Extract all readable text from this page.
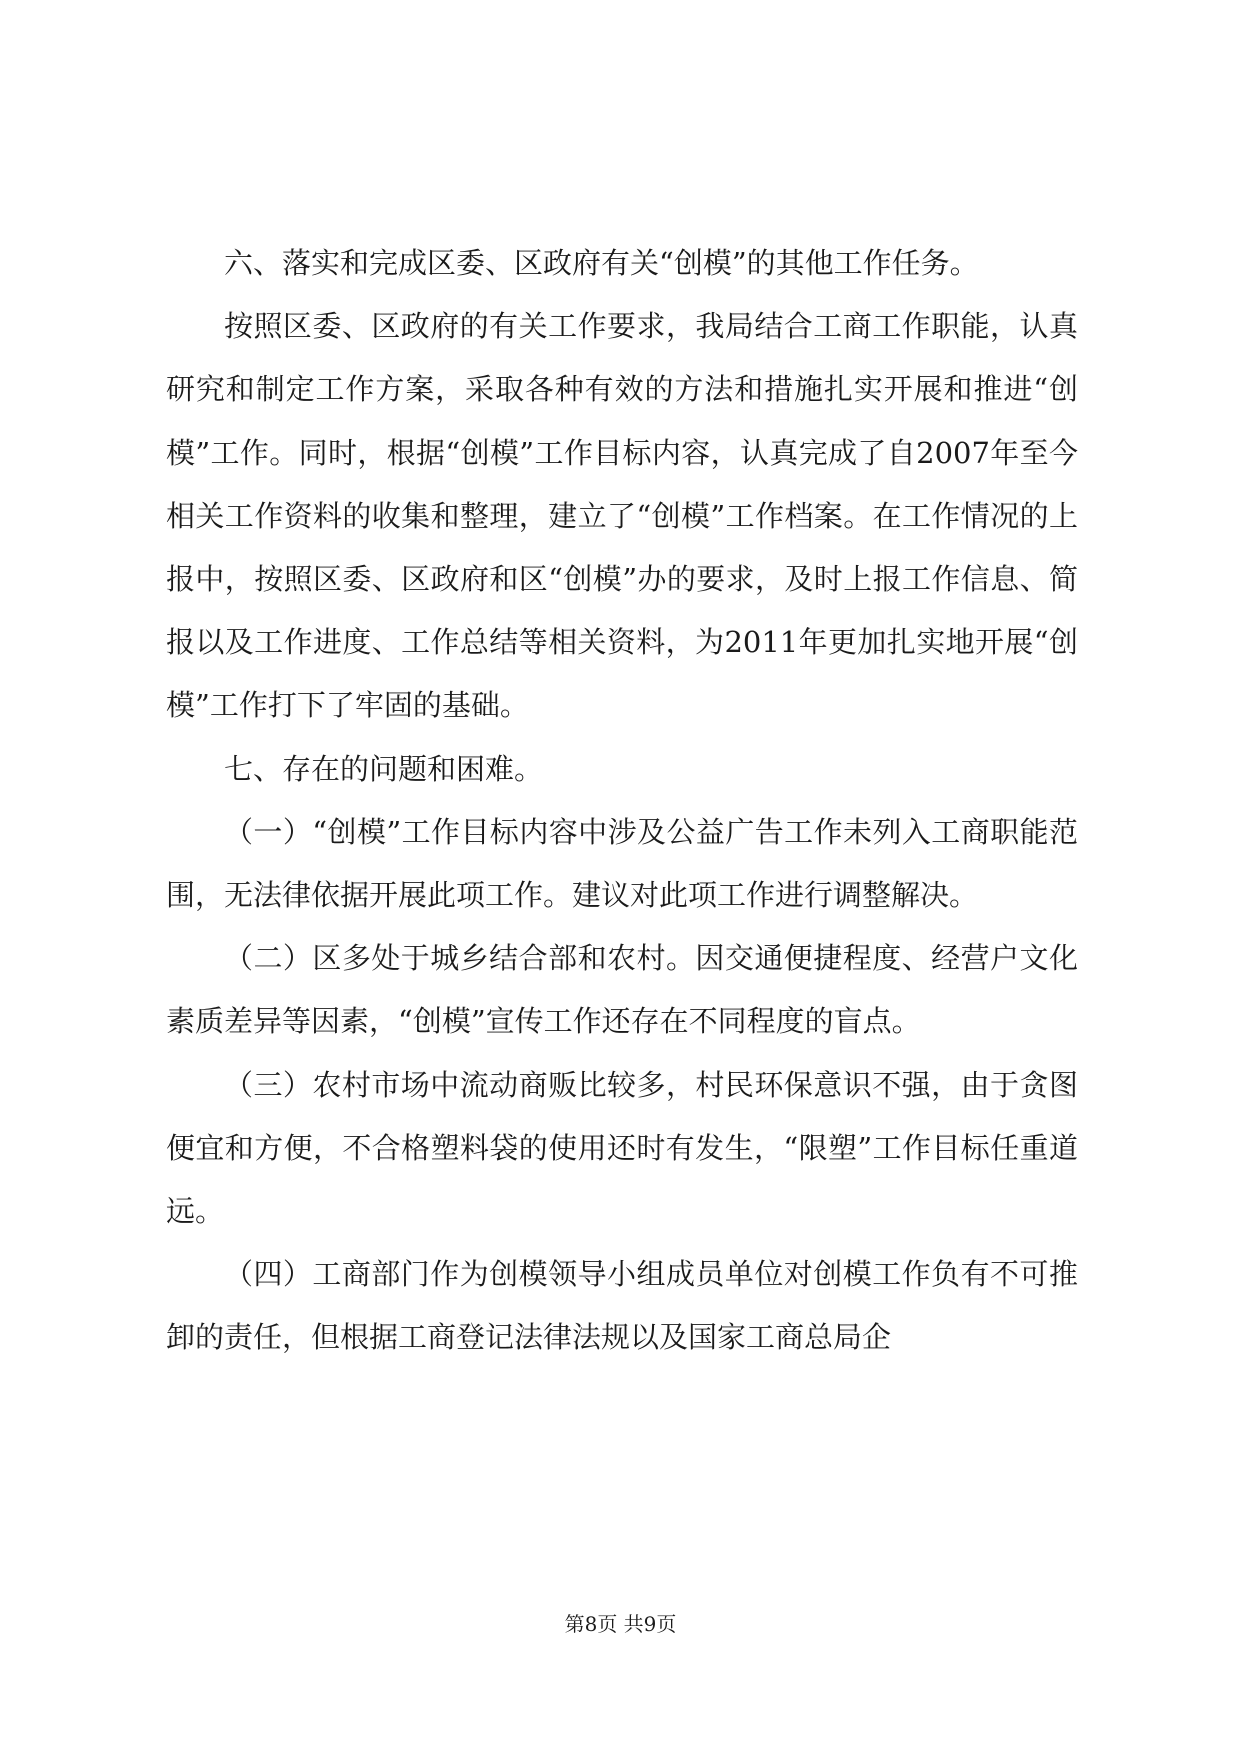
六、落实和完成区委、区政府有关“创模”的其他工作任务。

按照区委、区政府的有关工作要求，我局结合工商工作职能，认真研究和制定工作方案，采取各种有效的方法和措施扎实开展和推进“创模”工作。同时，根据“创模”工作目标内容，认真完成了自2007年至今相关工作资料的收集和整理，建立了“创模”工作档案。在工作情况的上报中，按照区委、区政府和区“创模”办的要求，及时上报工作信息、简报以及工作进度、工作总结等相关资料，为2011年更加扎实地开展“创模”工作打下了牢固的基础。

七、存在的问题和困难。

（一）“创模”工作目标内容中涉及公益广告工作未列入工商职能范围，无法律依据开展此项工作。建议对此项工作进行调整解决。

（二）区多处于城乡结合部和农村。因交通便捷程度、经营户文化素质差异等因素，“创模”宣传工作还存在不同程度的盲点。

（三）农村市场中流动商贩比较多，村民环保意识不强，由于贪图便宜和方便，不合格塑料袋的使用还时有发生，“限塑”工作目标任重道远。

（四）工商部门作为创模领导小组成员单位对创模工作负有不可推卸的责任，但根据工商登记法律法规以及国家工商总局企

第8页 共9页
